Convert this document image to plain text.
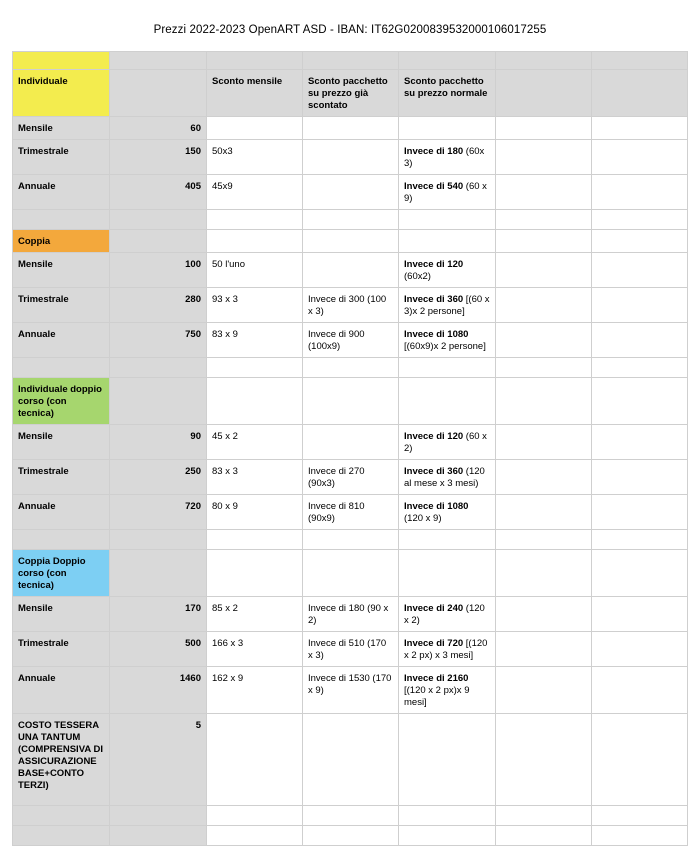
Prezzi 2022-2023 OpenART ASD - IBAN: IT62G0200839532000106017255

Individuale		Sconto mensile	Sconto pacchetto su prezzo già scontato	Sconto pacchetto su prezzo normale		
Mensile	60					
Trimestrale	150	50x3		Invece di 180 (60x 3)		
Annuale	405	45x9		Invece di 540 (60 x 9)		

Coppia						
Mensile	100	50 l'uno		Invece di 120 (60x2)		
Trimestrale	280	93 x 3	Invece di 300 (100 x 3)	Invece di 360 [(60 x 3)x 2 persone]		
Annuale	750	83 x 9	Invece di 900 (100x9)	Invece di 1080 [(60x9)x 2 persone]		

Individuale doppio corso (con tecnica)						
Mensile	90	45 x 2		Invece di 120 (60 x 2)		
Trimestrale	250	83 x 3	Invece di 270 (90x3)	Invece di 360 (120 al mese x 3 mesi)		
Annuale	720	80 x 9	Invece di 810 (90x9)	Invece di 1080 (120 x 9)		

Coppia Doppio corso (con tecnica)						
Mensile	170	85 x 2	Invece di 180 (90 x 2)	Invece di 240 (120 x 2)		
Trimestrale	500	166 x 3	Invece di 510 (170 x 3)	Invece di 720 [(120 x 2 px) x 3 mesi]		
Annuale	1460	162 x 9	Invece di 1530 (170 x 9)	Invece di 2160 [(120 x 2 px)x 9 mesi]		
COSTO TESSERA UNA TANTUM (COMPRENSIVA DI ASSICURAZIONE BASE+CONTO TERZI)	5					
